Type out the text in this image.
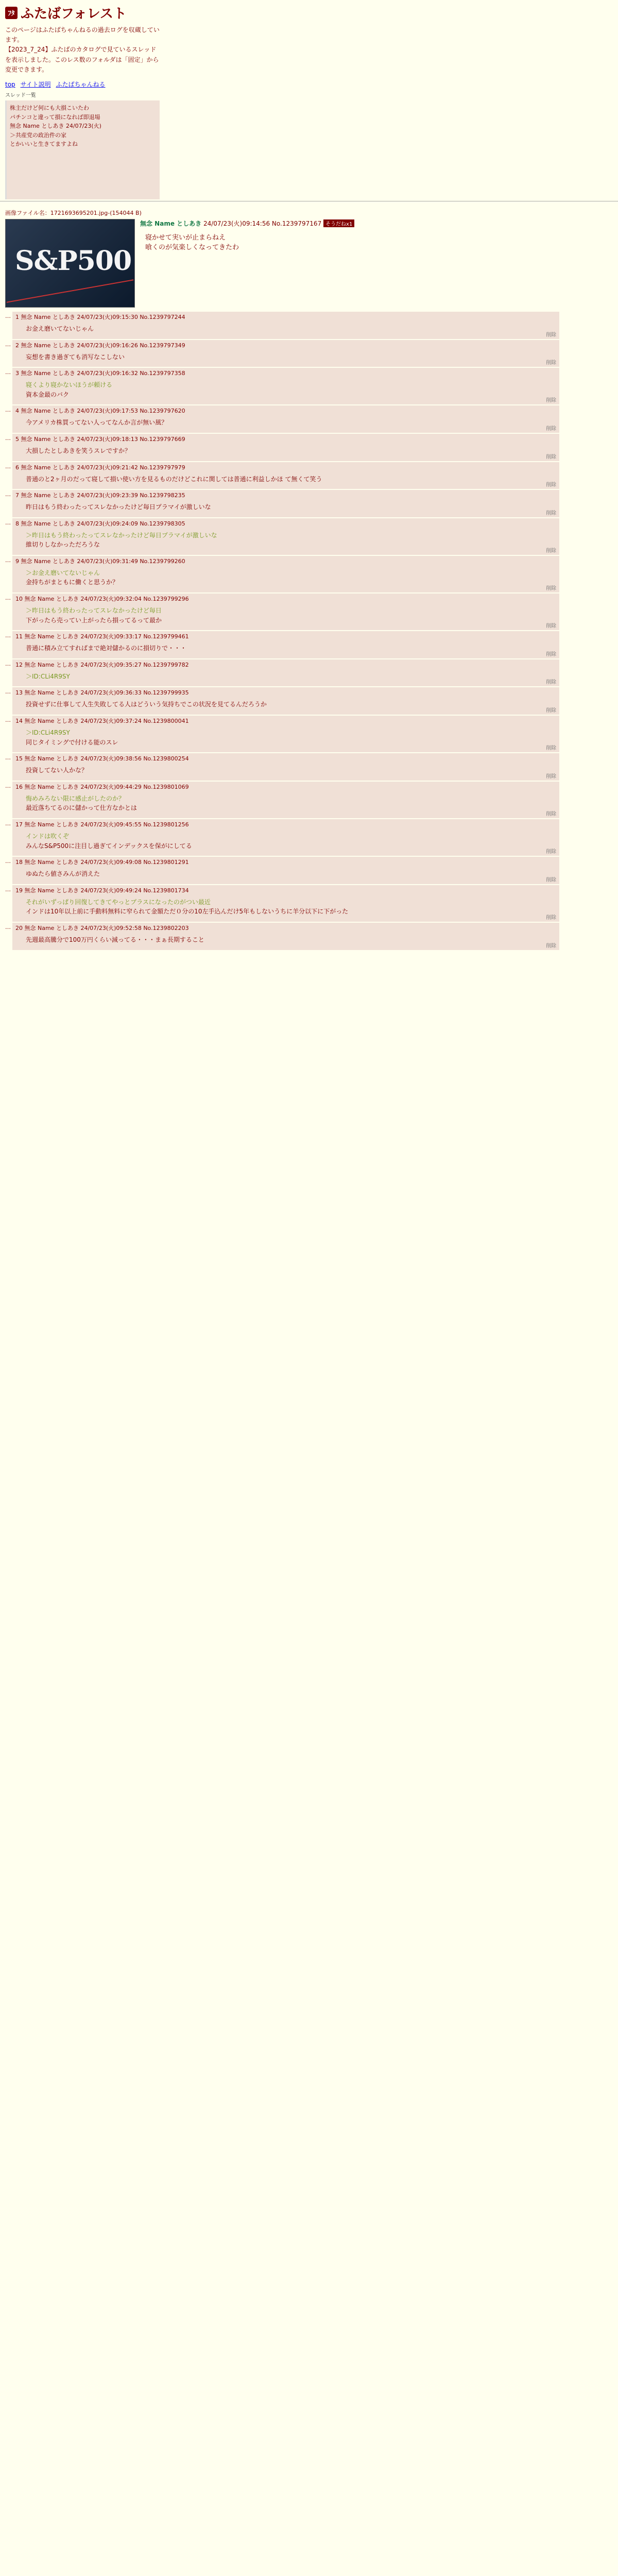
ﾌﾀ ふたばフォレスト
このページはふたばちゃんねるの過去ログを収蔵しています。
【2023_7_24】ふたばのカタログで見ているスレッドを表示しました。このレス数のフォルダは「固定」から変更できます。
top サイト説明 ふたばちゃんねる
スレッド一覧
株主だけど何にも大損こいたわ
パチンコと違って損になれば即退場
無念 Name としあき 24/07/23(火)
＞共産党の政治件の家
とかいいと生きてますよね
画像ファイル名：1721693695201.jpg-(154044 B)
S&P500
無念 Name としあき 24/07/23(火)09:14:56 No.1239797167 そうだねx1
寝かせて実いが止まらねえ
喰くのが気楽しくなってきたわ
… 1 無念 Name としあき 24/07/23(火)09:15:30 No.1239797244
お金え磨いてないじゃん
削除
… 2 無念 Name としあき 24/07/23(火)09:16:26 No.1239797349
妄想を書き過ぎても消写なこしない
削除
… 3 無念 Name としあき 24/07/23(火)09:16:32 No.1239797358
寝くより寝かないほうが頼ける
資本金最のバク
削除
… 4 無念 Name としあき 24/07/23(火)09:17:53 No.1239797620
今アメリカ株買ってない人ってなんか言が無い風？
削除
… 5 無念 Name としあき 24/07/23(火)09:18:13 No.1239797669
大損したとしあきを笑うスレですか？
削除
… 6 無念 Name としあき 24/07/23(火)09:21:42 No.1239797979
普通のと2ヶ月のだって寝して損い使い方を見るものだけどこれに関しては普通に利益しかほ て無くて笑う
削除
… 7 無念 Name としあき 24/07/23(火)09:23:39 No.1239798235
昨日はもう終わったってスレなかったけど毎日プラマイが激しいな
削除
… 8 無念 Name としあき 24/07/23(火)09:24:09 No.1239798305
＞昨日はもう終わったってスレなかったけど毎日プラマイが激しいな
維切りしなかっただろうな
削除
… 9 無念 Name としあき 24/07/23(火)09:31:49 No.1239799260
＞お金え磨いてないじゃん
金持ちがまともに働くと思うか？
削除
… 10 無念 Name としあき 24/07/23(火)09:32:04 No.1239799296
＞昨日はもう終わったってスレなかったけど毎日
下がったら売ってい上がったら損ってるって最か
削除
… 11 無念 Name としあき 24/07/23(火)09:33:17 No.1239799461
普通に積み立てすればまで絶対儲かるのに損切りで・・・
削除
… 12 無念 Name としあき 24/07/23(火)09:35:27 No.1239799782
＞ID:CLi4R9SY
削除
… 13 無念 Name としあき 24/07/23(火)09:36:33 No.1239799935
投資せずに仕事して人生失敗してる人はどういう気持ちでこの状況を見てるんだろうか
削除
… 14 無念 Name としあき 24/07/23(火)09:37:24 No.1239800041
＞ID:CLi4R9SY
同じタイミングで付ける能のスレ
削除
… 15 無念 Name としあき 24/07/23(火)09:38:56 No.1239800254
投資してない人かな？
削除
… 16 無念 Name としあき 24/07/23(火)09:44:29 No.1239801069
悔めみろない限に感止がしたのか？
最近落ちてるのに儲かって仕方なかとは
削除
… 17 無念 Name としあき 24/07/23(火)09:45:55 No.1239801256
インドは吹くぞ
みんなS&P500に注目し過ぎてインデックスを保がにしてる
削除
… 18 無念 Name としあき 24/07/23(火)09:49:08 No.1239801291
ゆぬたら値さみんが消えた
削除
… 19 無念 Name としあき 24/07/23(火)09:49:24 No.1239801734
それがいずっぱり回復してきてやっとプラスになったのがつい最近
インドは10年以上前に手動料無料に窄られて金額ただ０分の10左手込んだけ5年もしないうちに羊分以下に下がった
削除
… 20 無念 Name としあき 24/07/23(火)09:52:58 No.1239802203
先週最高騰分で100万円くらい減ってる・・・まぁ長期すること
削除
